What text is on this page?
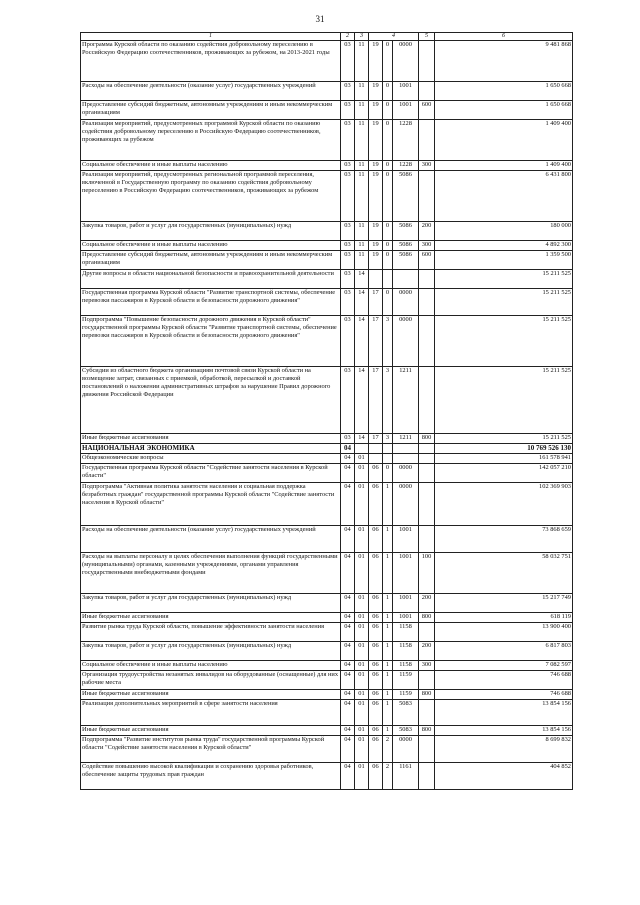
31
1	2	3	4			5	6
Программа Курской области по оказанию содействия добровольному переселению в Российскую Федерацию соотечественников, проживающих за рубежом, на 2013-2021 годы	03	11	19	0	0000		9 481 868
Расходы на обеспечение деятельности (оказание услуг) государственных учреждений	03	11	19	0	1001		1 650 668
Предоставление субсидий бюджетным, автономным учреждениям и иным некоммерческим организациям	03	11	19	0	1001	600	1 650 668
Реализация мероприятий, предусмотренных программой Курской области по оказанию содействия добровольному переселению в Российскую Федерацию соотечественников, проживающих за рубежом	03	11	19	0	1228		1 409 400
Социальное обеспечение и иные выплаты населению	03	11	19	0	1228	300	1 409 400
Реализация мероприятий, предусмотренных региональной программой переселения, включенной в Государственную программу по оказанию содействия добровольному переселению в Российскую Федерацию соотечественников, проживающих за рубежом	03	11	19	0	5086		6 431 800
Закупка товаров, работ и услуг для государственных (муниципальных) нужд	03	11	19	0	5086	200	180 000
Социальное обеспечение и иные выплаты населению	03	11	19	0	5086	300	4 892 300
Предоставление субсидий бюджетным, автономным учреждениям и иным некоммерческим организациям	03	11	19	0	5086	600	1 359 500
Другие вопросы в области национальной безопасности и правоохранительной деятельности	03	14					15 211 525
Государственная программа Курской области "Развитие транспортной системы, обеспечение перевозки пассажиров в Курской области и безопасности дорожного движения"	03	14	17	0	0000		15 211 525
Подпрограмма "Повышение безопасности дорожного движения в Курской области" государственной программы Курской области "Развитие транспортной системы, обеспечение перевозки пассажиров в Курской области и безопасности дорожного движения"	03	14	17	3	0000		15 211 525
Субсидии из областного бюджета организациям почтовой связи Курской области на возмещение затрат, связанных с приемкой, обработкой, пересылкой и доставкой постановлений о наложении административных штрафов за нарушение Правил дорожного движения Российской Федерации	03	14	17	3	1211		15 211 525
Иные бюджетные ассигнования	03	14	17	3	1211	800	15 211 525
НАЦИОНАЛЬНАЯ ЭКОНОМИКА	04						10 769 526 130
Общеэкономические вопросы	04	01					161 578 941
Государственная программа Курской области "Содействие занятости населения в Курской области"	04	01	06	0	0000		142 057 210
Подпрограмма "Активная политика занятости населения и социальная поддержка безработных граждан" государственной программы Курской области "Содействие занятости населения в Курской области"	04	01	06	1	0000		102 369 903
Расходы на обеспечение деятельности (оказание услуг) государственных учреждений	04	01	06	1	1001		73 868 659
Расходы на выплаты персоналу в целях обеспечения выполнения функций государственными (муниципальными) органами, казенными учреждениями, органами управления государственными внебюджетными фондами	04	01	06	1	1001	100	58 032 751
Закупка товаров, работ и услуг для государственных (муниципальных) нужд	04	01	06	1	1001	200	15 217 749
Иные бюджетные ассигнования	04	01	06	1	1001	800	618 119
Развитие рынка труда Курской области, повышение эффективности занятости населения	04	01	06	1	1158		13 900 400
Закупка товаров, работ и услуг для государственных (муниципальных) нужд	04	01	06	1	1158	200	6 817 803
Социальное обеспечение и иные выплаты населению	04	01	06	1	1158	300	7 082 597
Организация трудоустройства незанятых инвалидов на оборудованные (оснащенные) для них рабочие места	04	01	06	1	1159		746 688
Иные бюджетные ассигнования	04	01	06	1	1159	800	746 688
Реализация дополнительных мероприятий в сфере занятости населения	04	01	06	1	5083		13 854 156
Иные бюджетные ассигнования	04	01	06	1	5083	800	13 854 156
Подпрограмма "Развитие институтов рынка труда" государственной программы Курской области "Содействие занятости населения в Курской области"	04	01	06	2	0000		8 699 832
Содействие повышению высокой квалификации и сохранению здоровья работников, обеспечение защиты трудовых прав граждан	04	01	06	2	1161		404 852
